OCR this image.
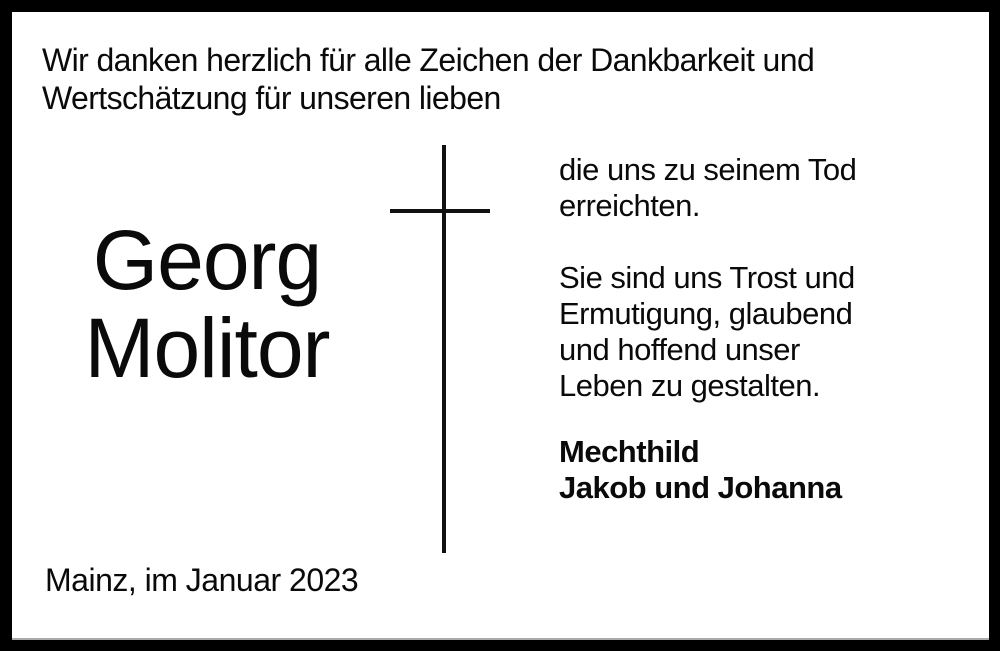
Wir danken herzlich für alle Zeichen der Dankbarkeit und
Wertschätzung für unseren lieben

Georg
Molitor

die uns zu seinem Tod
erreichten.

Sie sind uns Trost und
Ermutigung, glaubend
und hoffend unser
Leben zu gestalten.

Mechthild
Jakob und Johanna

Mainz, im Januar 2023
